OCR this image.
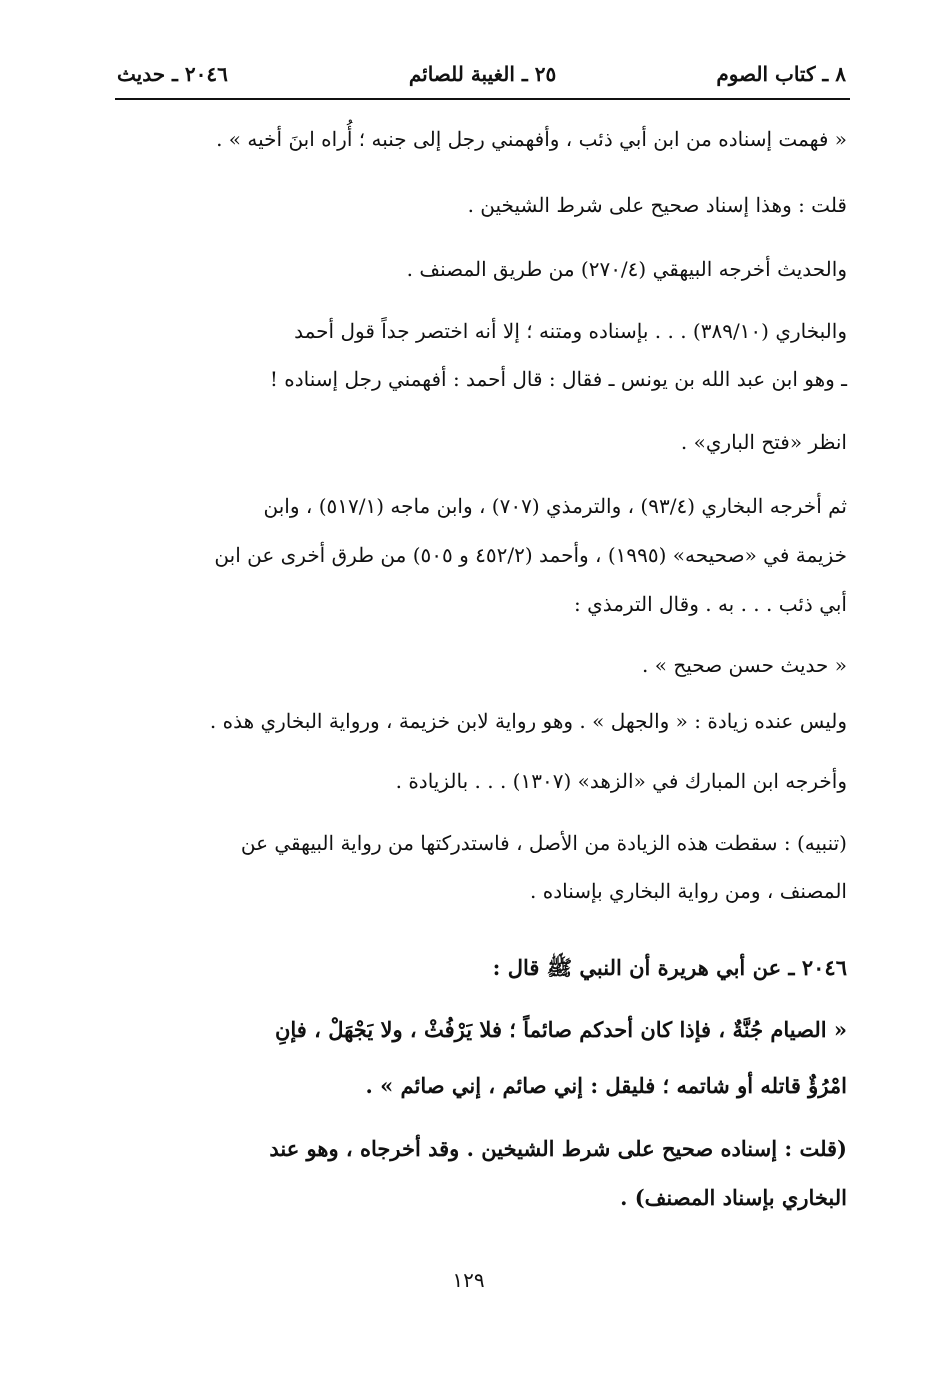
٨ ـ كتاب الصوم
٢٥ ـ الغيبة للصائم
٢٠٤٦ ـ حديث
« فهمت إسناده من ابن أبي ذئب ، وأفهمني رجل إلى جنبه ؛ أُراه ابنَ أخيه » .
قلت : وهذا إسناد صحيح على شرط الشيخين .
والحديث أخرجه البيهقي (٢٧٠/٤) من طريق المصنف .
والبخاري (٣٨٩/١٠) . . . بإسناده ومتنه ؛ إلا أنه اختصر جداً قول أحمد
ـ وهو ابن عبد الله بن يونس ـ فقال : قال أحمد : أفهمني رجل إسناده !
انظر «فتح الباري» .
ثم أخرجه البخاري (٩٣/٤) ، والترمذي (٧٠٧) ، وابن ماجه (٥١٧/١) ، وابن
خزيمة في «صحيحه» (١٩٩٥) ، وأحمد (٤٥٢/٢ و ٥٠٥) من طرق أخرى عن ابن
أبي ذئب . . . به . وقال الترمذي :
« حديث حسن صحيح » .
وليس عنده زيادة : « والجهل » . وهو رواية لابن خزيمة ، ورواية البخاري هذه .
وأخرجه ابن المبارك في «الزهد» (١٣٠٧) . . . بالزيادة .
(تنبيه) : سقطت هذه الزيادة من الأصل ، فاستدركتها من رواية البيهقي عن
المصنف ، ومن رواية البخاري بإسناده .
٢٠٤٦ ـ عن أبي هريرة أن النبي ﷺ قال :
« الصيام جُنَّةٌ ، فإذا كان أحدكم صائماً ؛ فلا يَرْفُثْ ، ولا يَجْهَلْ ، فإنِ
امْرُؤٌ قاتله أو شاتمه ؛ فليقل : إني صائم ، إني صائم » .
(قلت : إسناده صحيح على شرط الشيخين . وقد أخرجاه ، وهو عند
البخاري بإسناد المصنف) .
١٢٩
